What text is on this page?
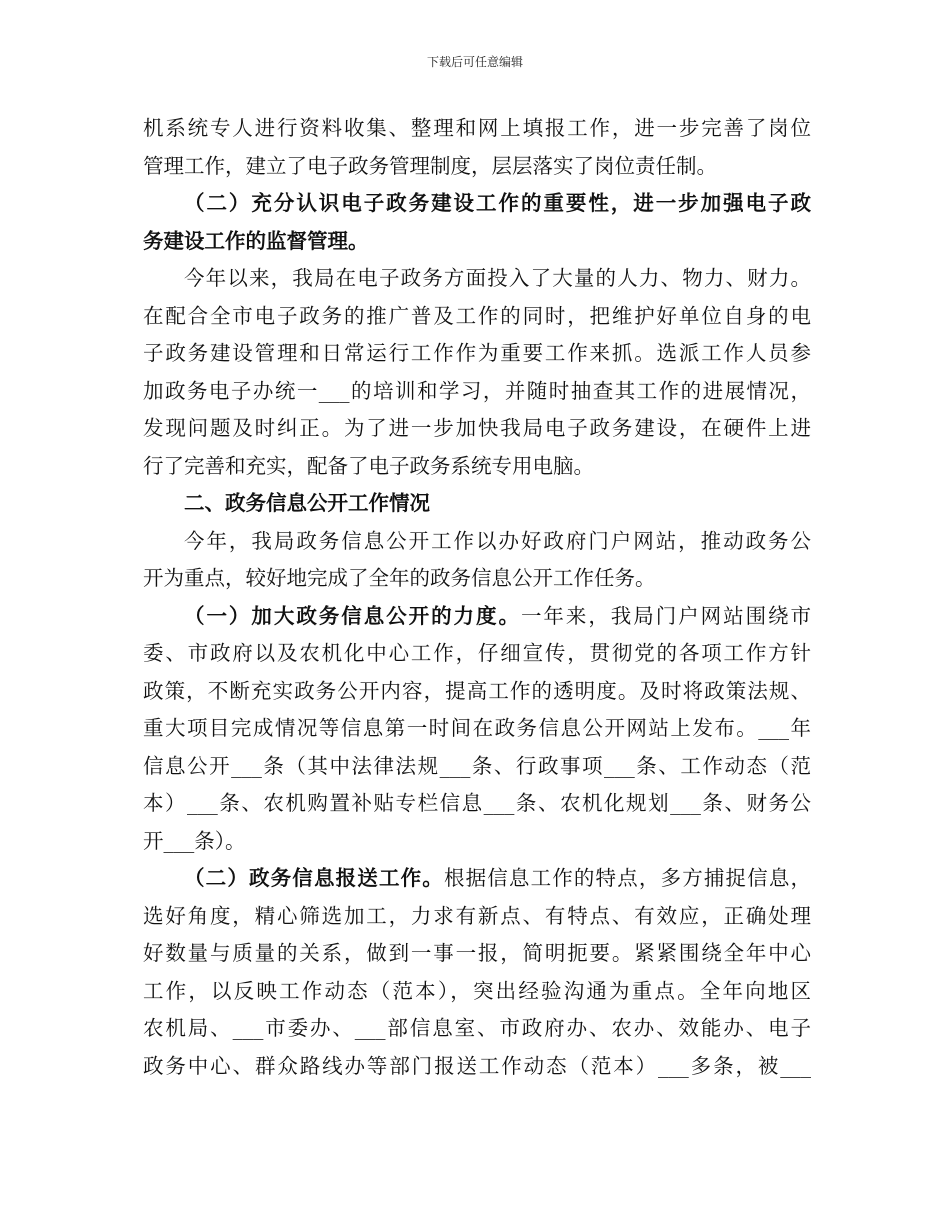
下载后可任意编辑
机系统专人进行资料收集、整理和网上填报工作，进一步完善了岗位
管理工作，建立了电子政务管理制度，层层落实了岗位责任制。
（二）充分认识电子政务建设工作的重要性，进一步加强电子政
务建设工作的监督管理。
今年以来，我局在电子政务方面投入了大量的人力、物力、财力。
在配合全市电子政务的推广普及工作的同时，把维护好单位自身的电
子政务建设管理和日常运行工作作为重要工作来抓。选派工作人员参
加政务电子办统一___的培训和学习，并随时抽查其工作的进展情况，
发现问题及时纠正。为了进一步加快我局电子政务建设，在硬件上进
行了完善和充实，配备了电子政务系统专用电脑。
二、政务信息公开工作情况
今年，我局政务信息公开工作以办好政府门户网站，推动政务公
开为重点，较好地完成了全年的政务信息公开工作任务。
（一）加大政务信息公开的力度。一年来，我局门户网站围绕市
委、市政府以及农机化中心工作，仔细宣传，贯彻党的各项工作方针
政策，不断充实政务公开内容，提高工作的透明度。及时将政策法规、
重大项目完成情况等信息第一时间在政务信息公开网站上发布。___年
信息公开___条（其中法律法规___条、行政事项___条、工作动态（范
本）___条、农机购置补贴专栏信息___条、农机化规划___条、财务公
开___条）。
（二）政务信息报送工作。根据信息工作的特点，多方捕捉信息，
选好角度，精心筛选加工，力求有新点、有特点、有效应，正确处理
好数量与质量的关系，做到一事一报，简明扼要。紧紧围绕全年中心
工作，以反映工作动态（范本），突出经验沟通为重点。全年向地区
农机局、___市委办、___部信息室、市政府办、农办、效能办、电子
政务中心、群众路线办等部门报送工作动态（范本）___多条，被___
